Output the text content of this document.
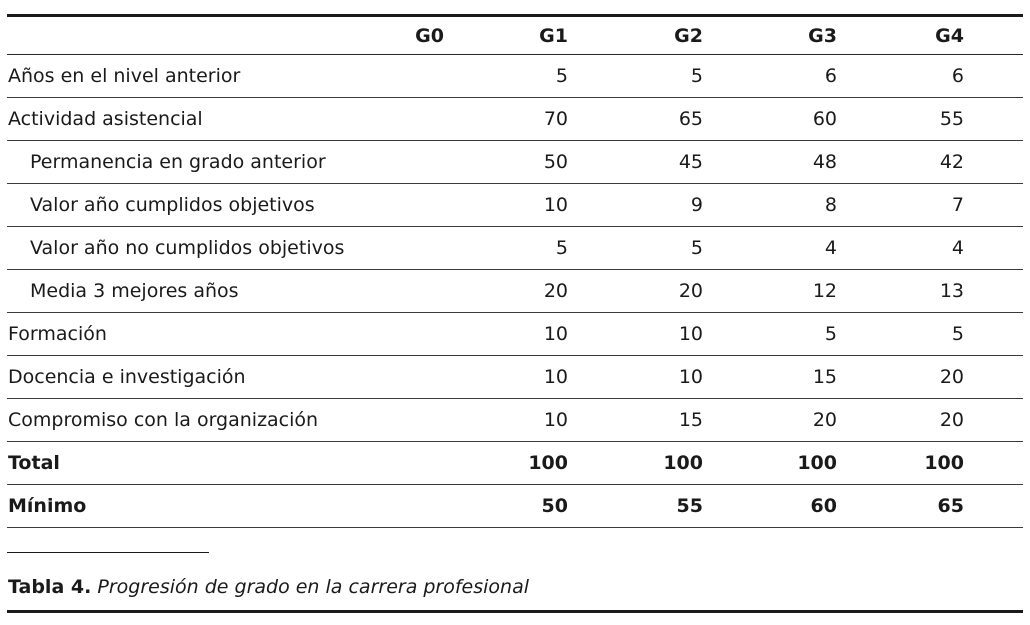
	G0	G1	G2	G3	G4	
Años en el nivel anterior		5	5	6	6	
Actividad asistencial		70	65	60	55	
Permanencia en grado anterior		50	45	48	42	
Valor año cumplidos objetivos		10	9	8	7	
Valor año no cumplidos objetivos		5	5	4	4	
Media 3 mejores años		20	20	12	13	
Formación		10	10	5	5	
Docencia e investigación		10	10	15	20	
Compromiso con la organización		10	15	20	20	
Total		100	100	100	100	
Mínimo		50	55	60	65	
Tabla 4. Progresión de grado en la carrera profesional
